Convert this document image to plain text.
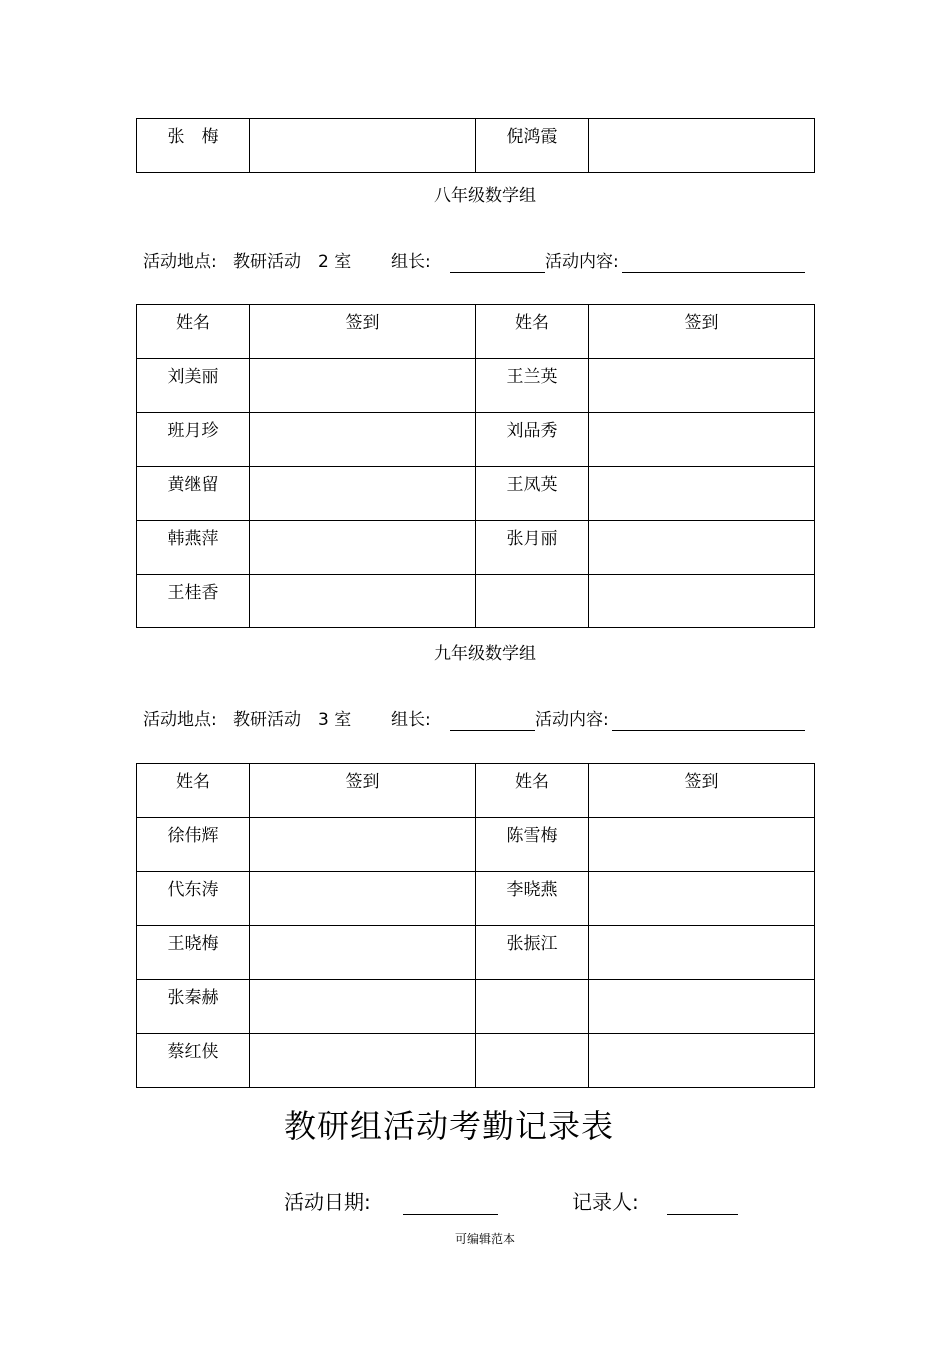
张　梅		倪鸿霞

八年级数学组
活动地点: 教研活动　2 室 组长:	活动内容:
姓名	签到	姓名	签到

刘美丽		王兰英	

班月珍		刘品秀	

黄继留		王凤英	

韩燕萍		张月丽	

王桂香			

九年级数学组
活动地点: 教研活动　3 室 组长:	活动内容:
姓名	签到	姓名	签到

徐伟辉		陈雪梅	

代东涛		李晓燕	

王晓梅		张振江	

张秦赫			

蔡红侠			

教研组活动考勤记录表
活动日期:	记录人:
可编辑范本
